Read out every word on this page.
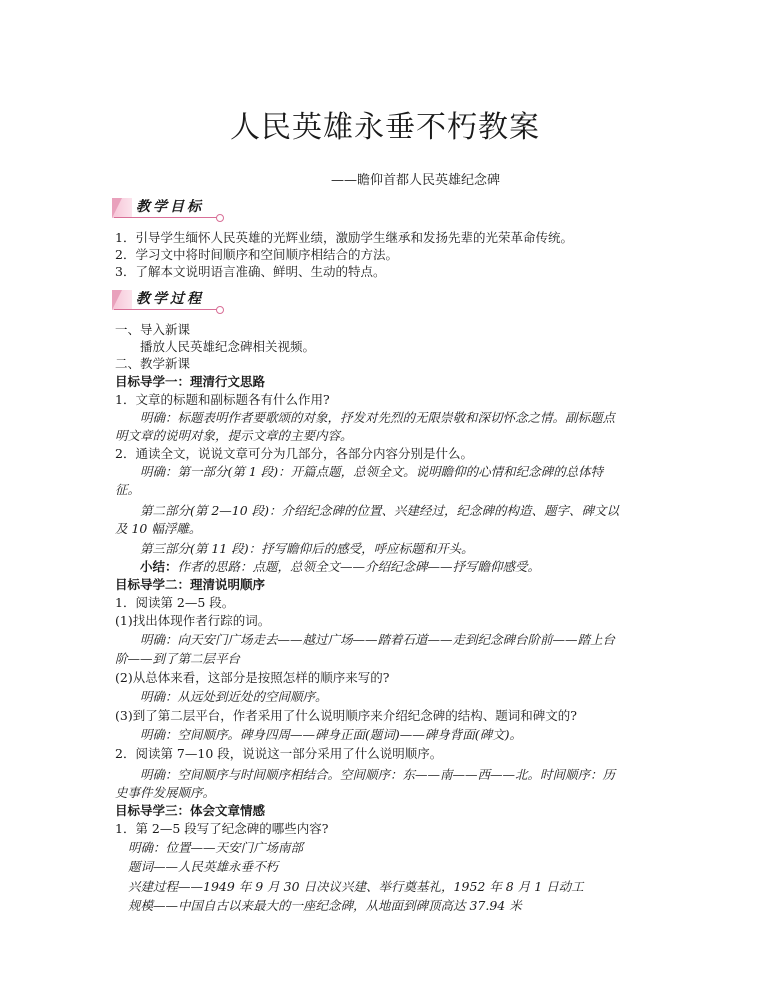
人民英雄永垂不朽教案
——瞻仰首都人民英雄纪念碑
教学目标
1．引导学生缅怀人民英雄的光辉业绩，激励学生继承和发扬先辈的光荣革命传统。
2．学习文中将时间顺序和空间顺序相结合的方法。
3．了解本文说明语言准确、鲜明、生动的特点。
教学过程
一、导入新课
播放人民英雄纪念碑相关视频。
二、教学新课
目标导学一：理清行文思路
1．文章的标题和副标题各有什么作用?
明确：标题表明作者要歌颂的对象，抒发对先烈的无限崇敬和深切怀念之情。副标题点
明文章的说明对象，提示文章的主要内容。
2．通读全文，说说文章可分为几部分，各部分内容分别是什么。
明确：第一部分(第 1 段)：开篇点题，总领全文。说明瞻仰的心情和纪念碑的总体特
征。
第二部分(第 2—10 段)：介绍纪念碑的位置、兴建经过，纪念碑的构造、题字、碑文以
及 10 幅浮雕。
第三部分(第 11 段)：抒写瞻仰后的感受，呼应标题和开头。
小结：作者的思路：点题，总领全文——介绍纪念碑——抒写瞻仰感受。
目标导学二：理清说明顺序
1．阅读第 2—5 段。
(1)找出体现作者行踪的词。
明确：向天安门广场走去——越过广场——踏着石道——走到纪念碑台阶前——踏上台
阶——到了第二层平台
(2)从总体来看，这部分是按照怎样的顺序来写的?
明确：从远处到近处的空间顺序。
(3)到了第二层平台，作者采用了什么说明顺序来介绍纪念碑的结构、题词和碑文的?
明确：空间顺序。碑身四周——碑身正面(题词)——碑身背面(碑文)。
2．阅读第 7—10 段，说说这一部分采用了什么说明顺序。
明确：空间顺序与时间顺序相结合。空间顺序：东——南——西——北。时间顺序：历
史事件发展顺序。
目标导学三：体会文章情感
1．第 2—5 段写了纪念碑的哪些内容?
明确：位置——天安门广场南部
题词——人民英雄永垂不朽
兴建过程——1949 年 9 月 30 日决议兴建、举行奠基礼，1952 年 8 月 1 日动工
规模——中国自古以来最大的一座纪念碑，从地面到碑顶高达 37.94 米
